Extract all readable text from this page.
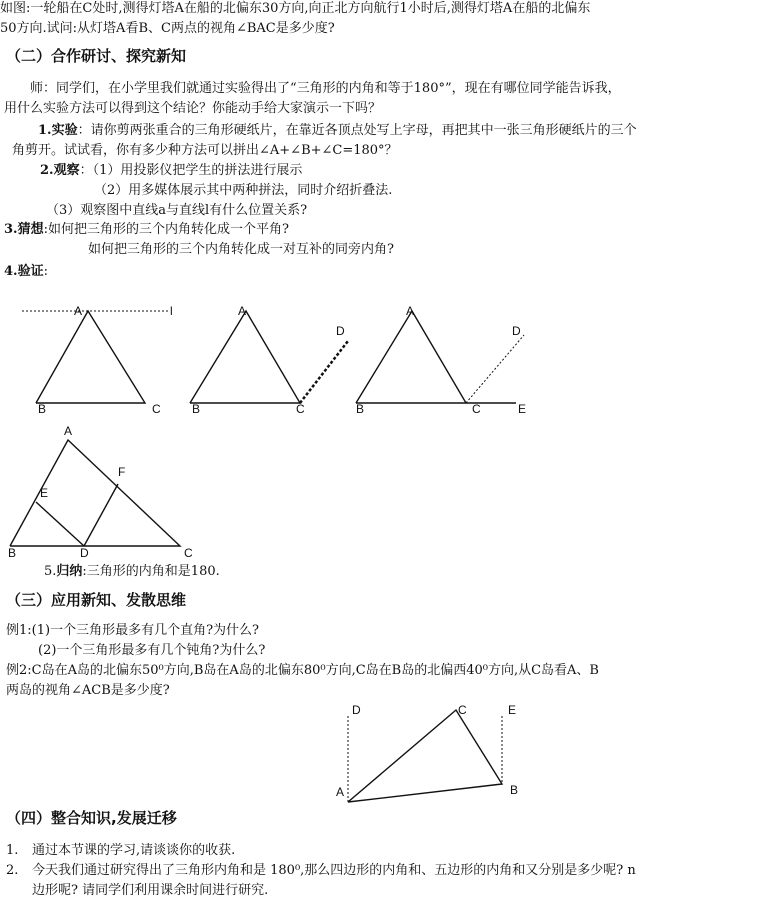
如图:一轮船在C处时,测得灯塔A在船的北偏东30方向,向正北方向航行1小时后,测得灯塔A在船的北偏东
50方向.试问:从灯塔A看B、C两点的视角∠BAC是多少度?
（二）合作研讨、探究新知
师：同学们，在小学里我们就通过实验得出了“三角形的内角和等于180°”，现在有哪位同学能告诉我，
用什么实验方法可以得到这个结论？你能动手给大家演示一下吗？
1.实验：请你剪两张重合的三角形硬纸片，在靠近各顶点处写上字母，再把其中一张三角形硬纸片的三个
角剪开。试试看，你有多少种方法可以拼出∠A+∠B+∠C=180°？
2.观察：（1）用投影仪把学生的拼法进行展示
（2）用多媒体展示其中两种拼法，同时介绍折叠法.
（3）观察图中直线a与直线l有什么位置关系?
3.猜想:如何把三角形的三个内角转化成一个平角?
如何把三角形的三个内角转化成一对互补的同旁内角?
4.验证:
A	l
B	C
A
D
B	C
A
D
B	C	E
A
E
F
B	D	C
5.归纳:三角形的内角和是180.
（三）应用新知、发散思维
例1:(1)一个三角形最多有几个直角?为什么?
(2)一个三角形最多有几个钝角?为什么?
例2:C岛在A岛的北偏东50⁰方向,B岛在A岛的北偏东80⁰方向,C岛在B岛的北偏西40⁰方向,从C岛看A、B
两岛的视角∠ACB是多少度?
D	C	E
A	B
（四）整合知识,发展迁移
1. 通过本节课的学习,请谈谈你的收获.
2. 今天我们通过研究得出了三角形内角和是 180⁰,那么四边形的内角和、五边形的内角和又分别是多少呢? n
边形呢? 请同学们利用课余时间进行研究.
